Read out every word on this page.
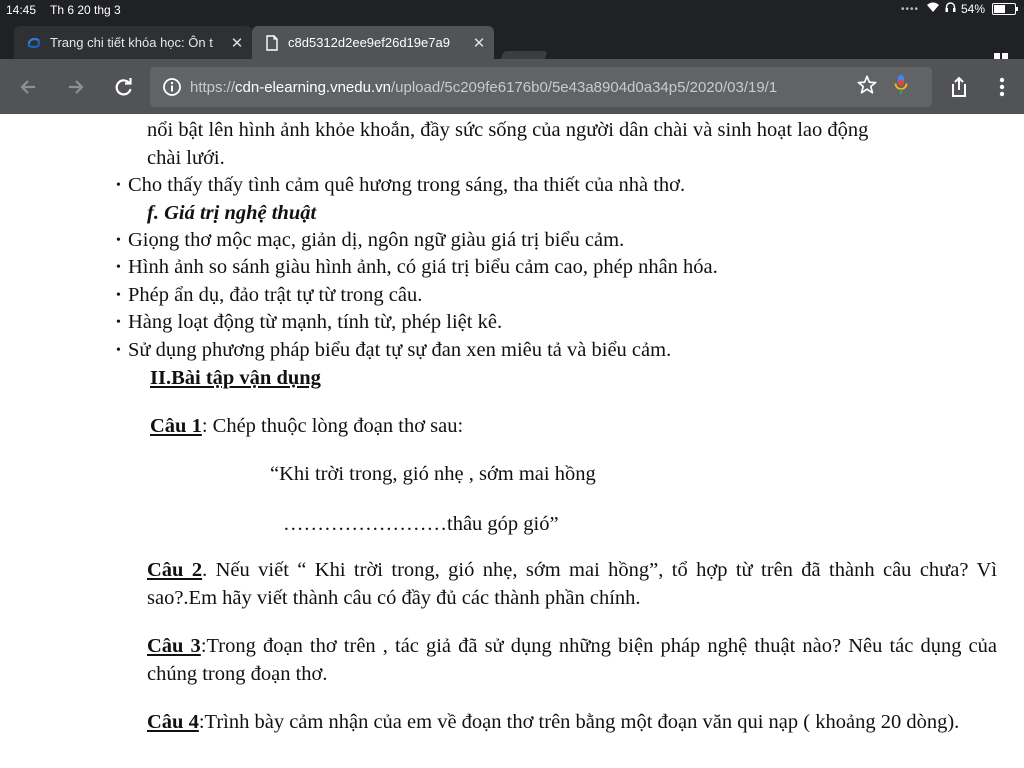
14:45 Th 6 20 thg 3	••••	54%
Trang chi tiết khóa học: Ôn t	✕	c8d5312d2ee9ef26d19e7a9	✕
https://cdn-elearning.vnedu.vn/upload/5c209fe6176b0/5e43a8904d0a34p5/2020/03/19/1
nổi bật lên hình ảnh khỏe khoắn, đầy sức sống của người dân chài và sinh hoạt lao động
chài lưới.
• Cho thấy thấy tình cảm quê hương trong sáng, tha thiết của nhà thơ.
f. Giá trị nghệ thuật
• Giọng thơ mộc mạc, giản dị, ngôn ngữ giàu giá trị biểu cảm.
• Hình ảnh so sánh giàu hình ảnh, có giá trị biểu cảm cao, phép nhân hóa.
• Phép ẩn dụ, đảo trật tự từ trong câu.
• Hàng loạt động từ mạnh, tính từ, phép liệt kê.
• Sử dụng phương pháp biểu đạt tự sự đan xen miêu tả và biểu cảm.
II.Bài tập vận dụng
Câu 1: Chép thuộc lòng đoạn thơ sau:
“Khi trời trong, gió nhẹ , sớm mai hồng
……………………thâu góp gió”
Câu 2. Nếu viết “ Khi trời trong, gió nhẹ, sớm mai hồng”, tổ hợp từ trên đã thành câu chưa? Vì sao?.Em hãy viết thành câu có đầy đủ các thành phần chính.
Câu 3:Trong đoạn thơ trên , tác giả đã sử dụng những biện pháp nghệ thuật nào? Nêu tác dụng của chúng trong đoạn thơ.
Câu 4:Trình bày cảm nhận của em về đoạn thơ trên bằng một đoạn văn qui nạp ( khoảng 20 dòng).
